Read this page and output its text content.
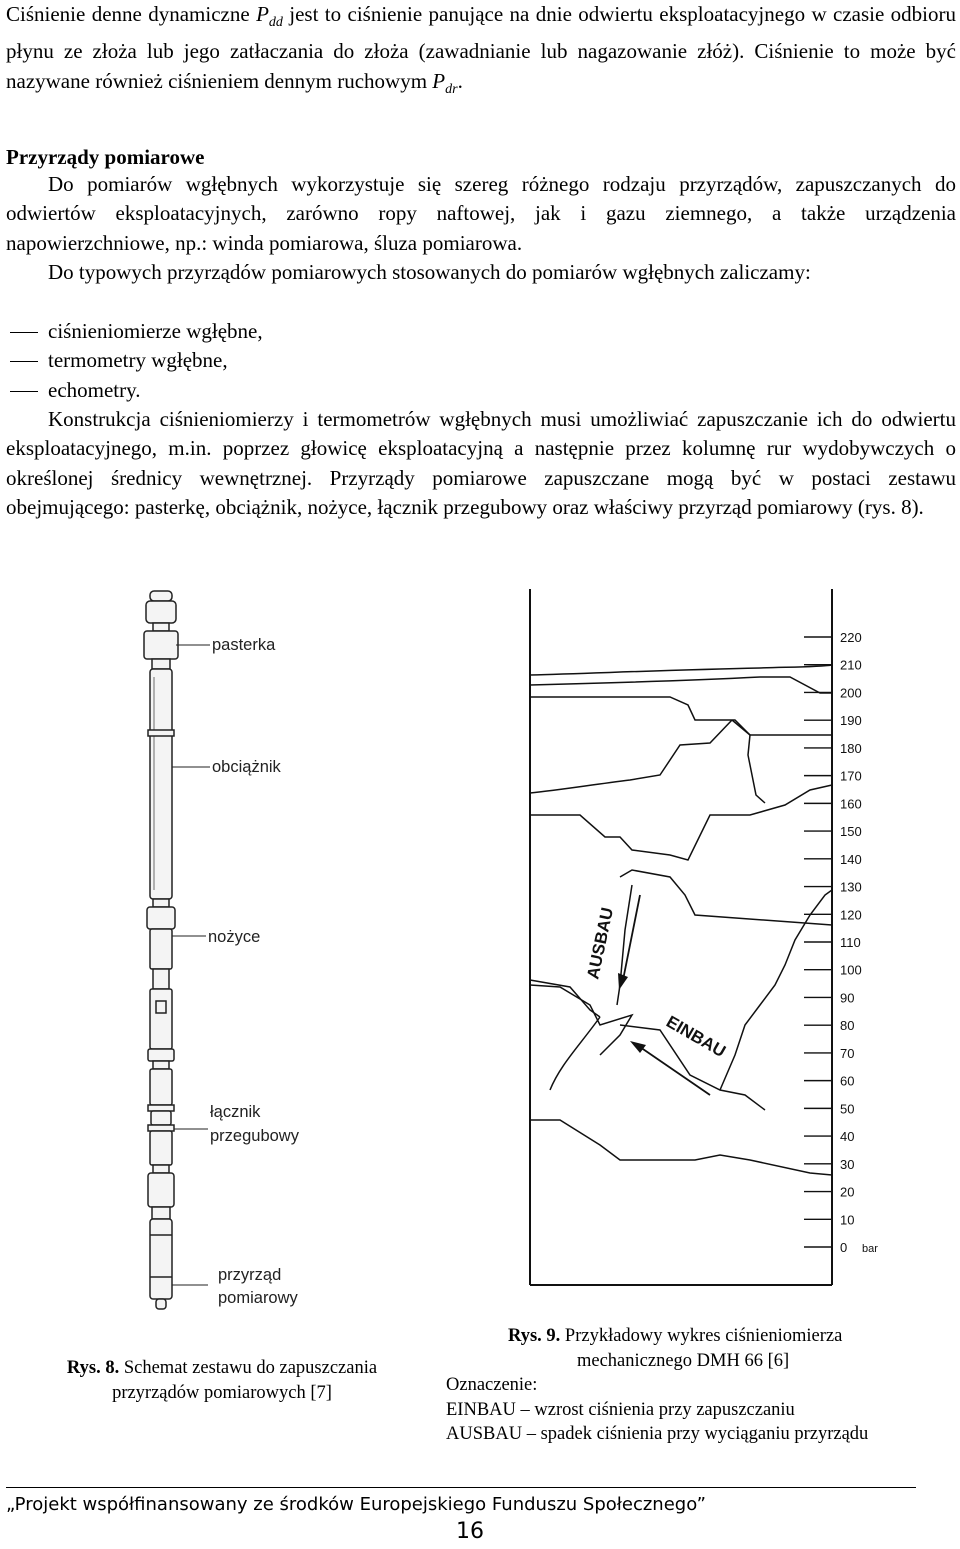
Ciśnienie denne dynamiczne $P_{dd}$ jest to ciśnienie panujące na dnie odwiertu eksploatacyjnego w czasie odbioru płynu ze złoża lub jego zatłaczania do złoża (zawadnianie lub nagazowanie złóż). Ciśnienie to może być nazywane również ciśnieniem dennym ruchowym $P_{dr}$.

Przyrządy pomiarowe

Do pomiarów wgłębnych wykorzystuje się szereg różnego rodzaju przyrządów, zapuszczanych do odwiertów eksploatacyjnych, zarówno ropy naftowej, jak i gazu ziemnego, a także urządzenia napowierzchniowe, np.: winda pomiarowa, śluza pomiarowa.

Do typowych przyrządów pomiarowych stosowanych do pomiarów wgłębnych zaliczamy:

ciśnieniomierze wgłębne,
termometry wgłębne,
echometry.

Konstrukcja ciśnieniomierzy i termometrów wgłębnych musi umożliwiać zapuszczanie ich do odwiertu eksploatacyjnego, m.in. poprzez głowicę eksploatacyjną a następnie przez kolumnę rur wydobywczych o określonej średnicy wewnętrznej. Przyrządy pomiarowe zapuszczane mogą być w postaci zestawu obejmującego: pasterkę, obciążnik, nożyce, łącznik przegubowy oraz właściwy przyrząd pomiarowy (rys. 8).

pasterka
obciążnik
nożyce
łącznik
przegubowy
przyrząd
pomiarowy
220
210
200
190
180
170
160
150
140
130
120
110
100
90
80
70
60
50
40
30
20
10
0 bar
AUSBAU
EINBAU
Rys. 8. Schemat zestawu do zapuszczania
przyrządów pomiarowych [7]
Rys. 9. Przykładowy wykres ciśnieniomierza
mechanicznego DMH 66 [6]
Oznaczenie:
EINBAU – wzrost ciśnienia przy zapuszczaniu
AUSBAU – spadek ciśnienia przy wyciąganiu przyrządu
„Projekt współfinansowany ze środków Europejskiego Funduszu Społecznego”
16
